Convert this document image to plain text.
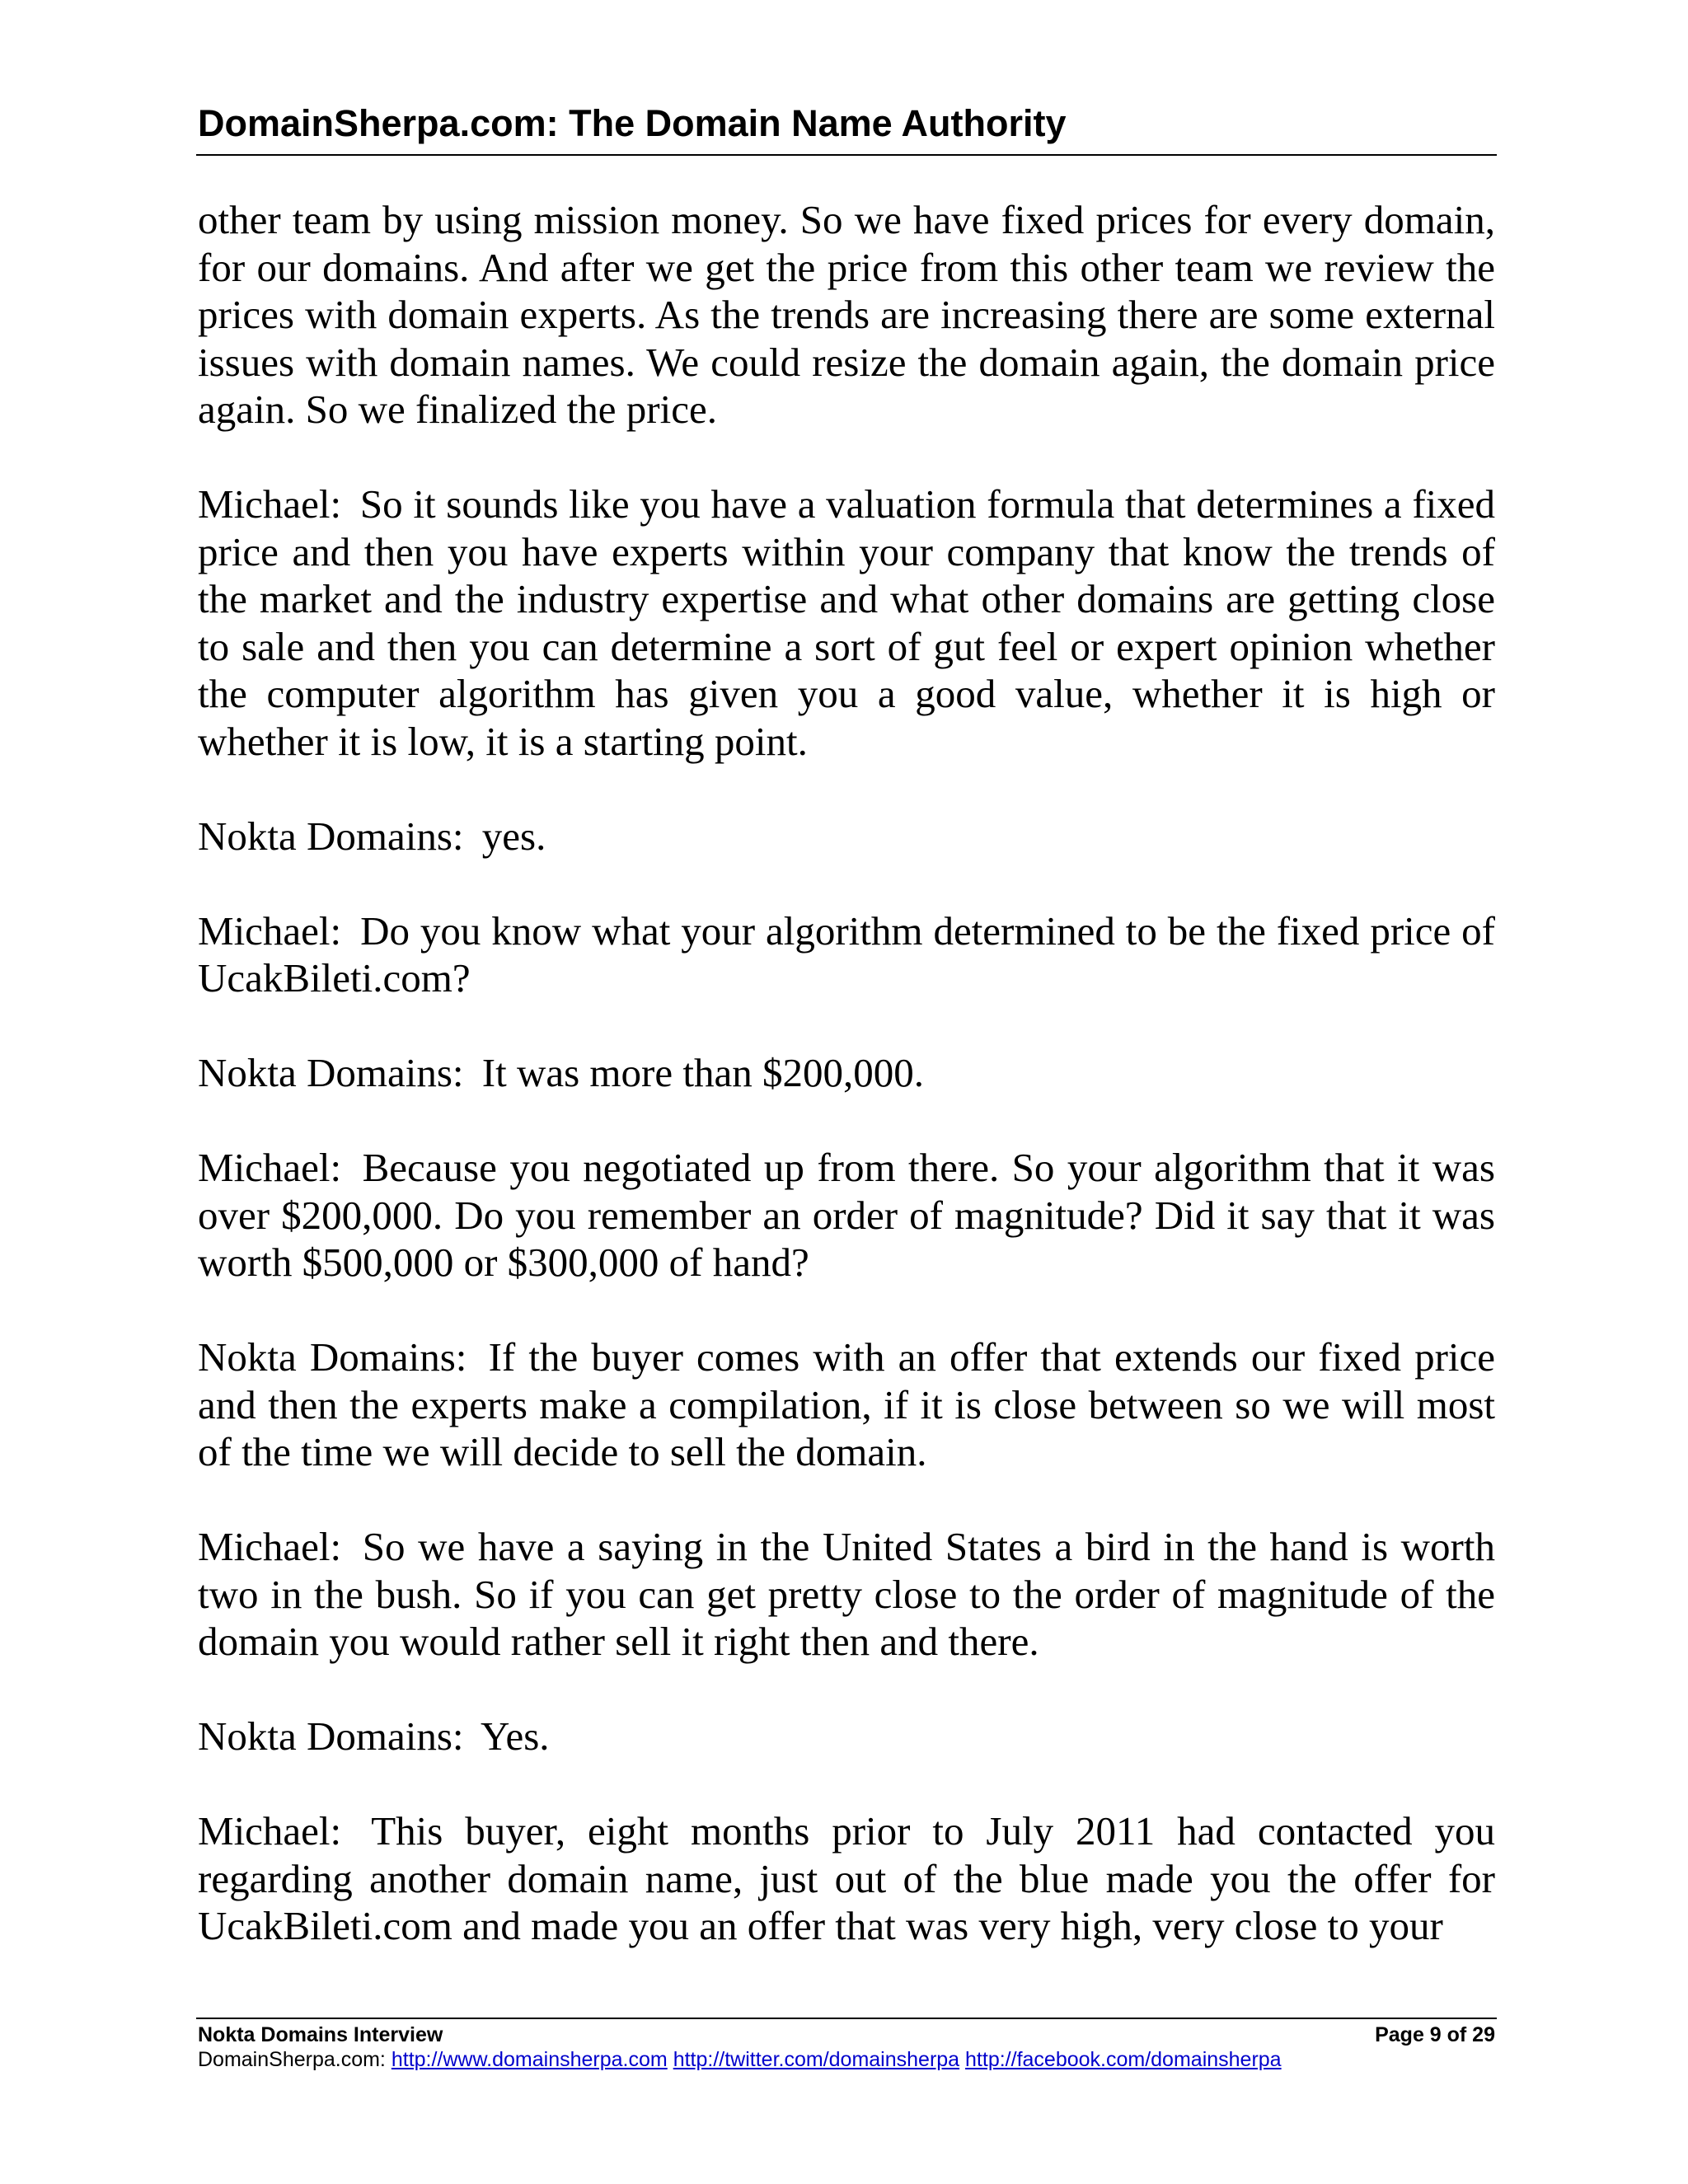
DomainSherpa.com: The Domain Name Authority

other team by using mission money. So we have fixed prices for every domain, for our domains. And after we get the price from this other team we review the prices with domain experts. As the trends are increasing there are some external issues with domain names. We could resize the domain again, the domain price again. So we finalized the price.

Michael: So it sounds like you have a valuation formula that determines a fixed price and then you have experts within your company that know the trends of the market and the industry expertise and what other domains are getting close to sale and then you can determine a sort of gut feel or expert opinion whether the computer algorithm has given you a good value, whether it is high or whether it is low, it is a starting point.

Nokta Domains: yes.

Michael: Do you know what your algorithm determined to be the fixed price of UcakBileti.com?

Nokta Domains: It was more than $200,000.

Michael: Because you negotiated up from there. So your algorithm that it was over $200,000. Do you remember an order of magnitude? Did it say that it was worth $500,000 or $300,000 of hand?

Nokta Domains: If the buyer comes with an offer that extends our fixed price and then the experts make a compilation, if it is close between so we will most of the time we will decide to sell the domain.

Michael: So we have a saying in the United States a bird in the hand is worth two in the bush. So if you can get pretty close to the order of magnitude of the domain you would rather sell it right then and there.

Nokta Domains: Yes.

Michael: This buyer, eight months prior to July 2011 had contacted you regarding another domain name, just out of the blue made you the offer for UcakBileti.com and made you an offer that was very high, very close to your

Nokta Domains Interview	Page 9 of 29
DomainSherpa.com: http://www.domainsherpa.com http://twitter.com/domainsherpa http://facebook.com/domainsherpa
